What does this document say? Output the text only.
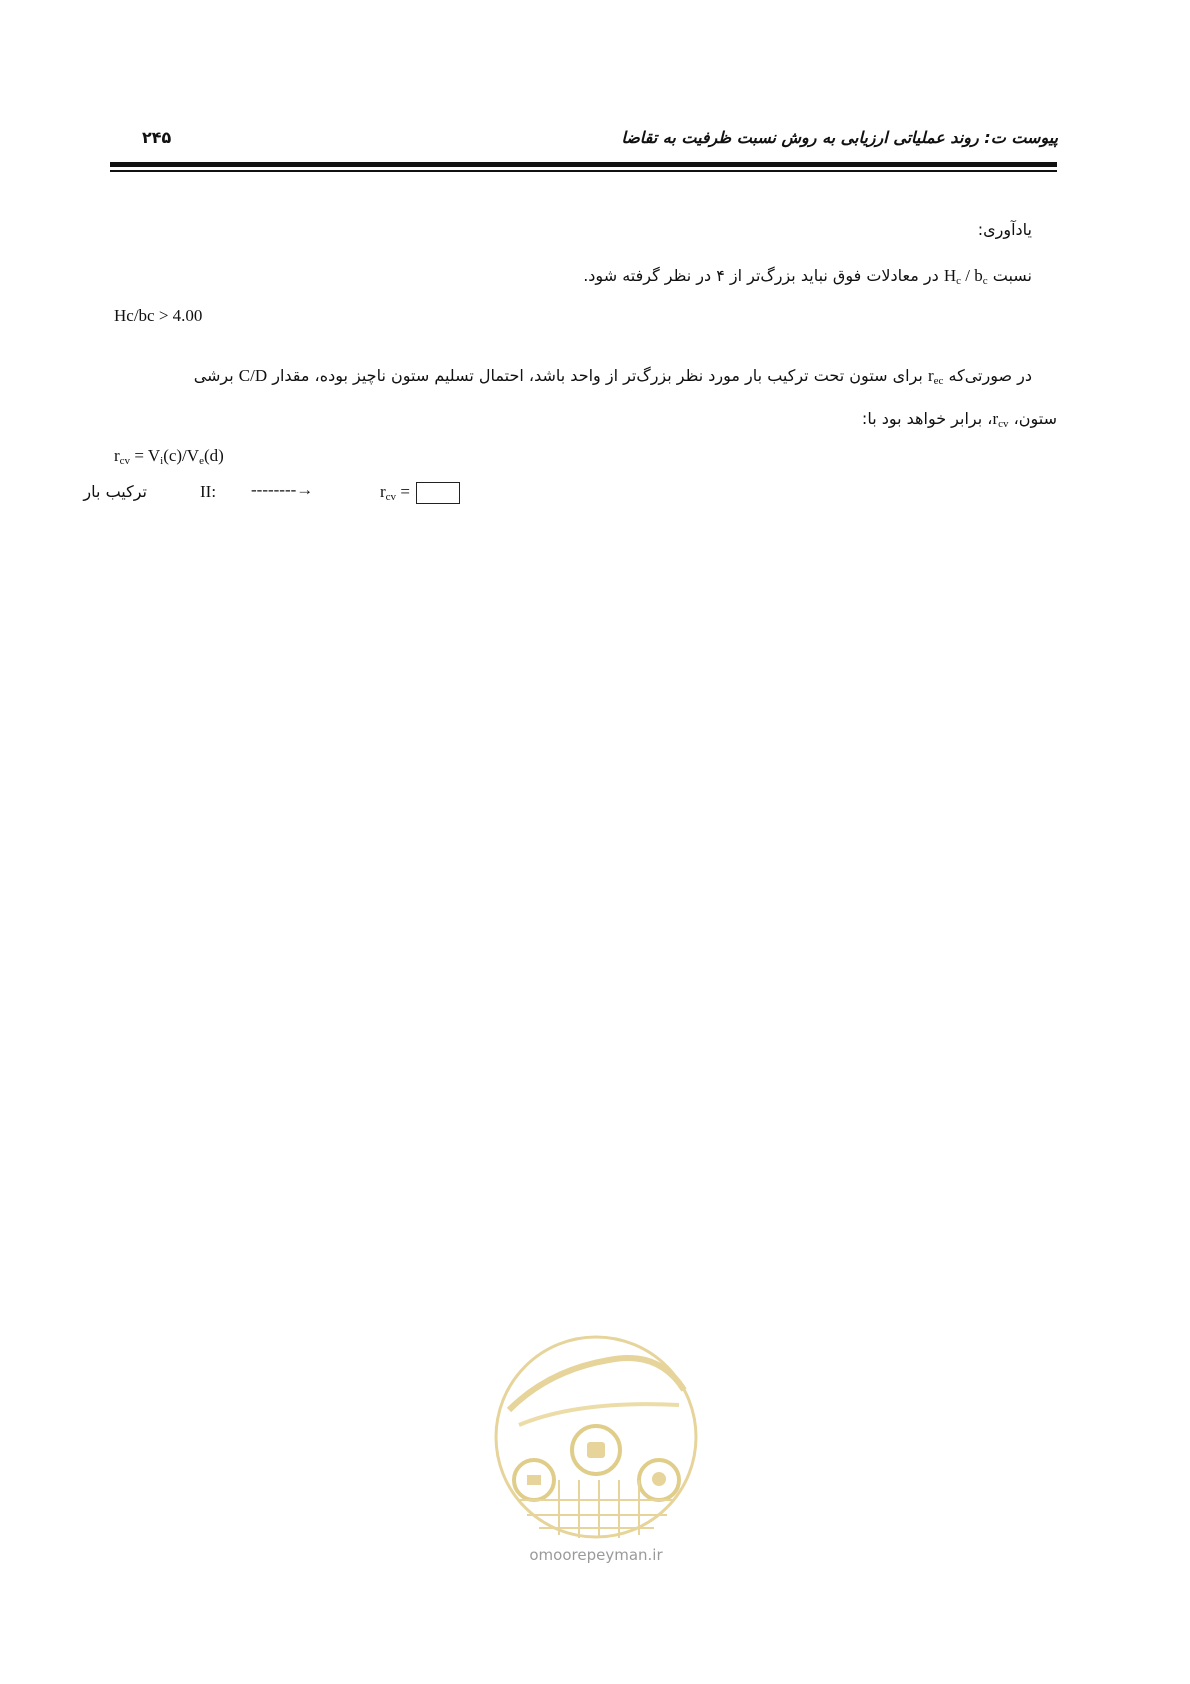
پیوست ت: روند عملیاتی ارزیابی به روش نسبت ظرفیت به تقاضا
۲۴۵
یادآوری:
نسبت $H_c / b_c$ در معادلات فوق نباید بزرگ‌تر از ۴ در نظر گرفته شود.
Hc/bc > 4.00
در صورتی‌که $r_{ec}$ برای ستون تحت ترکیب بار مورد نظر بزرگ‌تر از واحد باشد، احتمال تسلیم ستون ناچیز بوده، مقدار C/D برشی
ستون، $r_{cv}،$ برابر خواهد بود با:
$r_{cv} = V_i(c)/V_e(d)$
ترکیب بار	II: --------→	$r_{cv}$ =
omoorepeyman.ir
